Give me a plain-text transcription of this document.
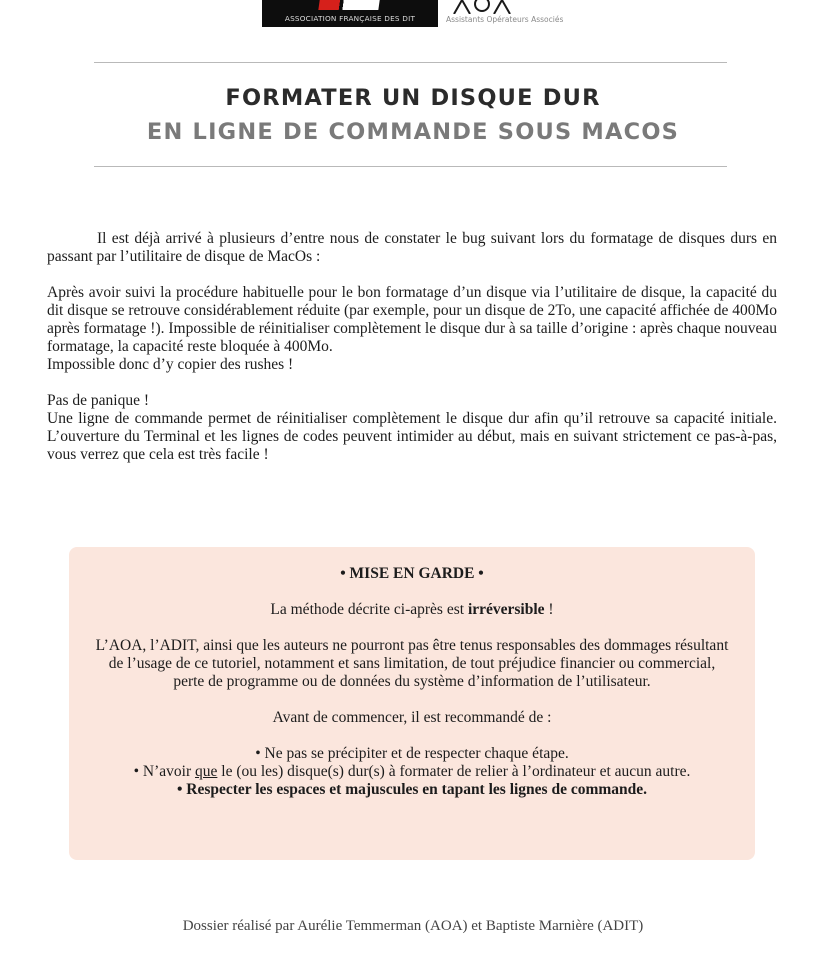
ASSOCIATION FRANÇAISE DES DIT	Assistants Opérateurs Associés
FORMATER UN DISQUE DUR
EN LIGNE DE COMMANDE SOUS MACOS

Il est déjà arrivé à plusieurs d’entre nous de constater le bug suivant lors du formatage de disques durs en passant par l’utilitaire de disque de MacOs :

Après avoir suivi la procédure habituelle pour le bon formatage d’un disque via l’utilitaire de disque, la capacité du dit disque se retrouve considérablement réduite (par exemple, pour un disque de 2To, une capacité affichée de 400Mo après formatage !). Impossible de réinitialiser complètement le disque dur à sa taille d’origine : après chaque nouveau formatage, la capacité reste bloquée à 400Mo.
Impossible donc d’y copier des rushes !

Pas de panique !
Une ligne de commande permet de réinitialiser complètement le disque dur afin qu’il retrouve sa capacité initiale. L’ouverture du Terminal et les lignes de codes peuvent intimider au début, mais en suivant strictement ce pas-à-pas, vous verrez que cela est très facile !

• MISE EN GARDE •

La méthode décrite ci-après est irréversible !

L’AOA, l’ADIT, ainsi que les auteurs ne pourront pas être tenus responsables des dommages résultant de l’usage de ce tutoriel, notamment et sans limitation, de tout préjudice financier ou commercial, perte de programme ou de données du système d’information de l’utilisateur.

Avant de commencer, il est recommandé de :

• Ne pas se précipiter et de respecter chaque étape.
• N’avoir que le (ou les) disque(s) dur(s) à formater de relier à l’ordinateur et aucun autre.
• Respecter les espaces et majuscules en tapant les lignes de commande.
Dossier réalisé par Aurélie Temmerman (AOA) et Baptiste Marnière (ADIT)
